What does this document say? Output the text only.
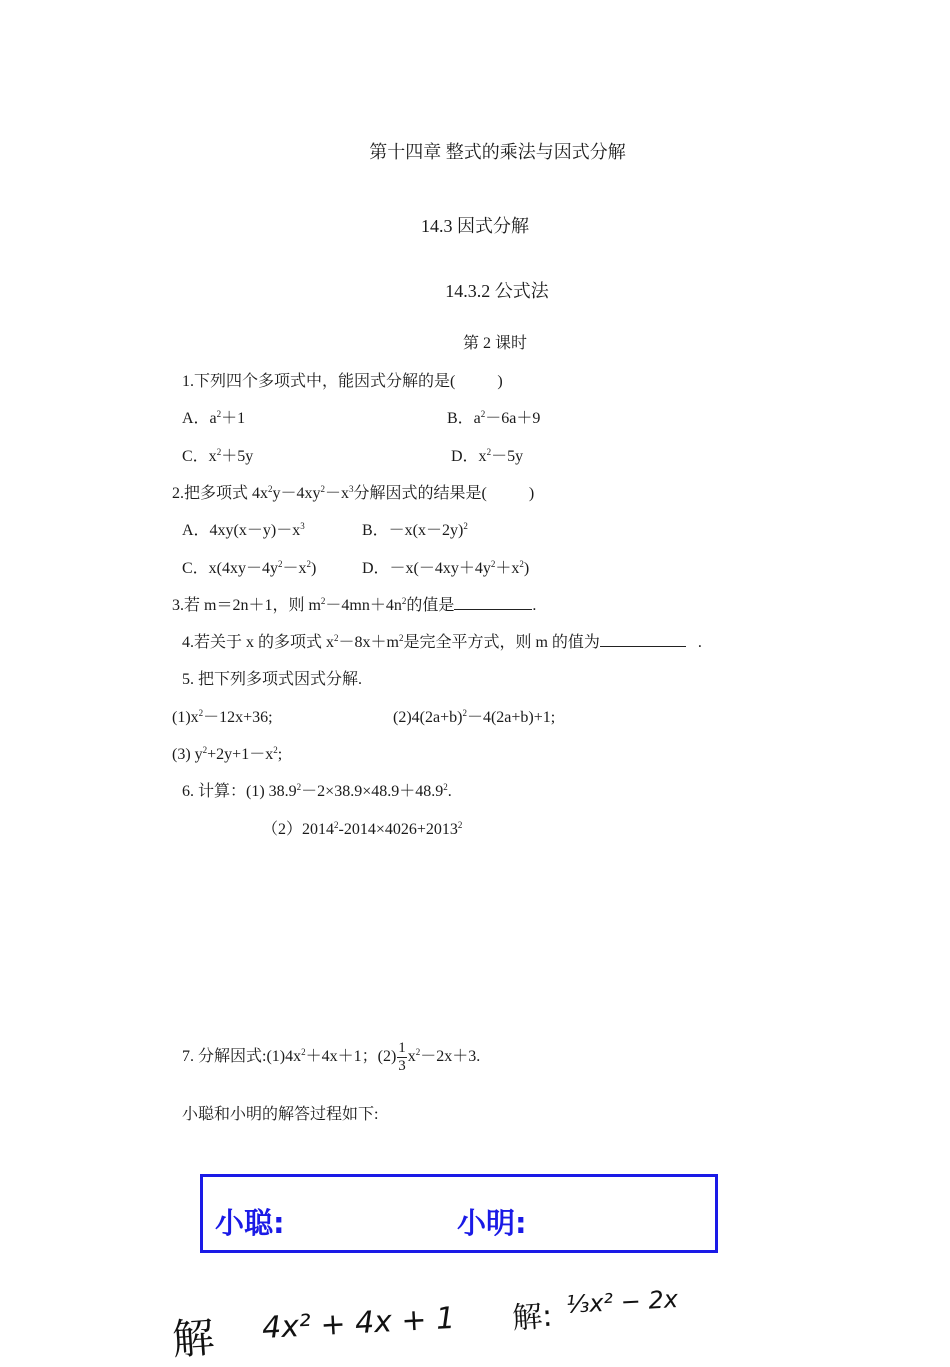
第十四章 整式的乘法与因式分解
14.3 因式分解
14.3.2 公式法
第 2 课时
1.下列四个多项式中，能因式分解的是(	)
A．$a^2+1$	B．$a^2-6a+9$
C．$x^2+5y$	D．$x^2-5y$
2.把多项式 $4x^2y-4xy^2-x^3$分解因式的结果是(	)
A．$4xy(x-y)-x^3$	B．$-x(x-2y)^2$
C．$x(4xy-4y^2-x^2)$	D．$-x(-4xy+4y^2+x^2)$
3.若 m＝2n＋1，则 $m^2-4mn+4n^2$的值是	.
4.若关于 x 的多项式 $x^2-8x+m^2$是完全平方式，则 m 的值为	.
5. 把下列多项式因式分解.
$(1)x^2-12x+36$;	$(2)4(2a+b)^2-4(2a+b)+1$;
(3) $y^2+2y+1-x^2$;
6. 计算：(1) $38.9^2-2\times 38.9\times 48.9+48.9^2$.
$(2)2014^2-2014\times 4026+2013^2$
7. 分解因式$:(1)4x^2+4x+1$；$(2) \frac{1}{3} x^2-2x+3$.
小聪和小明的解答过程如下:
小聪:	小明:
解 4x² + 4x + 1 解: ⅓x² − 2x
